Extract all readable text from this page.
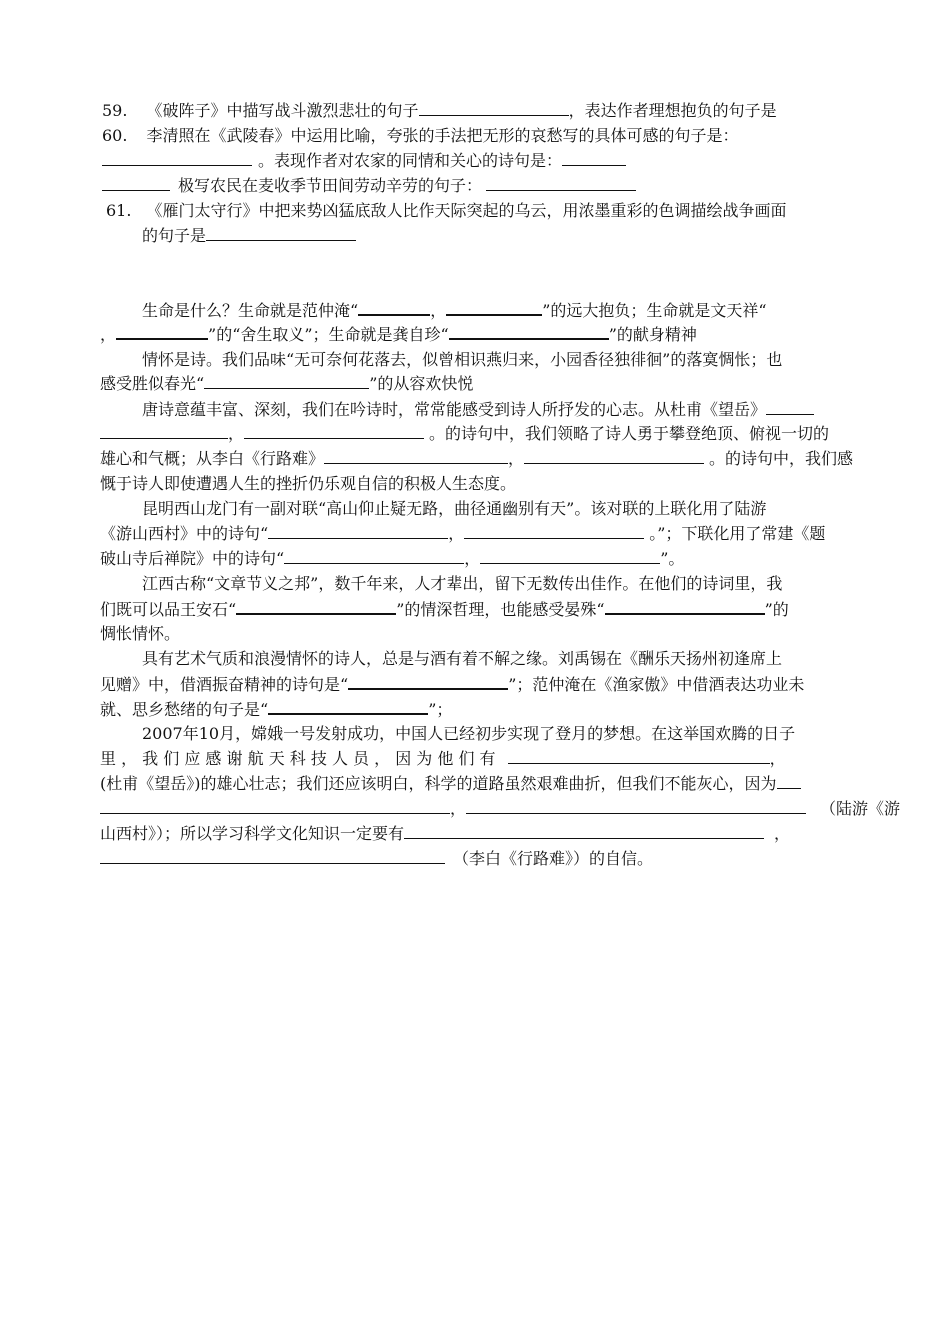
59. 《破阵子》中描写战斗激烈悲壮的句子	，表达作者理想抱负的句子是
60. 李清照在《武陵春》中运用比喻，夸张的手法把无形的哀愁写的具体可感的句子是：
。表现作者对农家的同情和关心的诗句是：
极写农民在麦收季节田间劳动辛劳的句子：
61. 《雁门太守行》中把来势凶猛底敌人比作天际突起的乌云，用浓墨重彩的色调描绘战争画面
的句子是
生命是什么？生命就是范仲淹“	，	”的远大抱负；生命就是文天祥“
，	”的“舍生取义”；生命就是龚自珍“	”的献身精神
情怀是诗。我们品味“无可奈何花落去，似曾相识燕归来，小园香径独徘徊”的落寞惆怅；也
感受胜似春光“	”的从容欢快悦
唐诗意蕴丰富、深刻，我们在吟诗时，常常能感受到诗人所抒发的心志。从杜甫《望岳》
，	。的诗句中，我们领略了诗人勇于攀登绝顶、俯视一切的
雄心和气概；从李白《行路难》	，	。的诗句中，我们感
慨于诗人即使遭遇人生的挫折仍乐观自信的积极人生态度。
昆明西山龙门有一副对联“高山仰止疑无路，曲径通幽别有天”。该对联的上联化用了陆游
《游山西村》中的诗句“	，	。”；下联化用了常建《题
破山寺后禅院》中的诗句“	，	”。
江西古称“文章节义之邦”，数千年来，人才辈出，留下无数传出佳作。在他们的诗词里，我
们既可以品王安石“	”的情深哲理，也能感受晏殊“	”的
惆怅情怀。
具有艺术气质和浪漫情怀的诗人，总是与酒有着不解之缘。刘禹锡在《酬乐天扬州初逢席上
见赠》中，借酒振奋精神的诗句是“	”；范仲淹在《渔家傲》中借酒表达功业未
就、思乡愁绪的句子是“	”；
2007年10月，嫦娥一号发射成功，中国人已经初步实现了登月的梦想。在这举国欢腾的日子
里 ， 我 们 应 感 谢 航 天 科 技 人 员 ， 因 为 他 们 有	，
(杜甫《望岳》)的雄心壮志；我们还应该明白，科学的道路虽然艰难曲折，但我们不能灰心，因为
，	（陆游《游
山西村》）；所以学习科学文化知识一定要有	，
（李白《行路难》）的自信。
